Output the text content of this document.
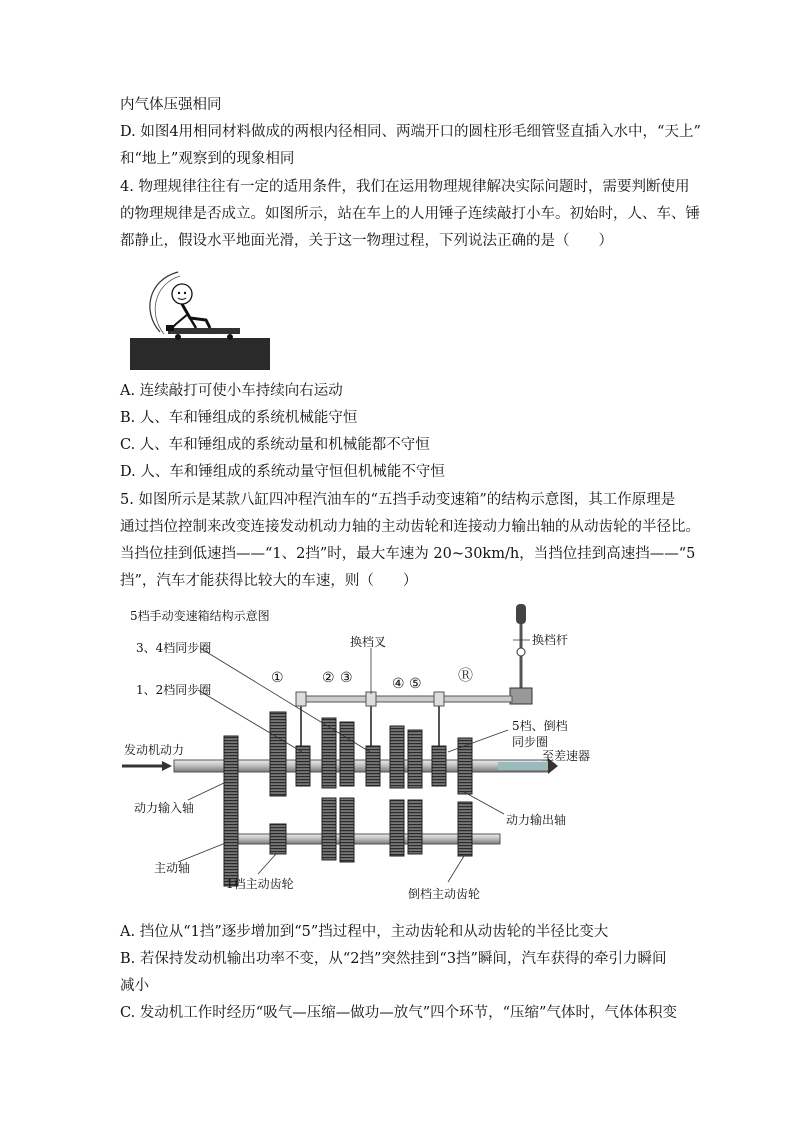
内气体压强相同
D. 如图4用相同材料做成的两根内径相同、两端开口的圆柱形毛细管竖直插入水中，“天上”
和“地上”观察到的现象相同
4. 物理规律往往有一定的适用条件，我们在运用物理规律解决实际问题时，需要判断使用
的物理规律是否成立。如图所示，站在车上的人用锤子连续敲打小车。初始时，人、车、锤
都静止，假设水平地面光滑，关于这一物理过程，下列说法正确的是（　　）
A. 连续敲打可使小车持续向右运动
B. 人、车和锤组成的系统机械能守恒
C. 人、车和锤组成的系统动量和机械能都不守恒
D. 人、车和锤组成的系统动量守恒但机械能不守恒
5. 如图所示是某款八缸四冲程汽油车的“五挡手动变速箱”的结构示意图，其工作原理是
通过挡位控制来改变连接发动机动力轴的主动齿轮和连接动力输出轴的从动齿轮的半径比。
当挡位挂到低速挡——“1、2挡”时，最大车速为 20~30km/h，当挡位挂到高速挡——“5
挡”，汽车才能获得比较大的车速，则（　　）
5档手动变速箱结构示意图
①	② ③	④ ⑤ Ⓡ
3、4档同步圈
1、2档同步圈
换档叉	换档杆
发动机动力
动力输入轴
主动轴
1档主动齿轮
倒档主动齿轮
动力输出轴
至差速器
5档、倒档
同步圈
A. 挡位从“1挡”逐步增加到“5”挡过程中，主动齿轮和从动齿轮的半径比变大
B. 若保持发动机输出功率不变，从“2挡”突然挂到“3挡”瞬间，汽车获得的牵引力瞬间
减小
C. 发动机工作时经历“吸气—压缩—做功—放气”四个环节，“压缩”气体时，气体体积变
